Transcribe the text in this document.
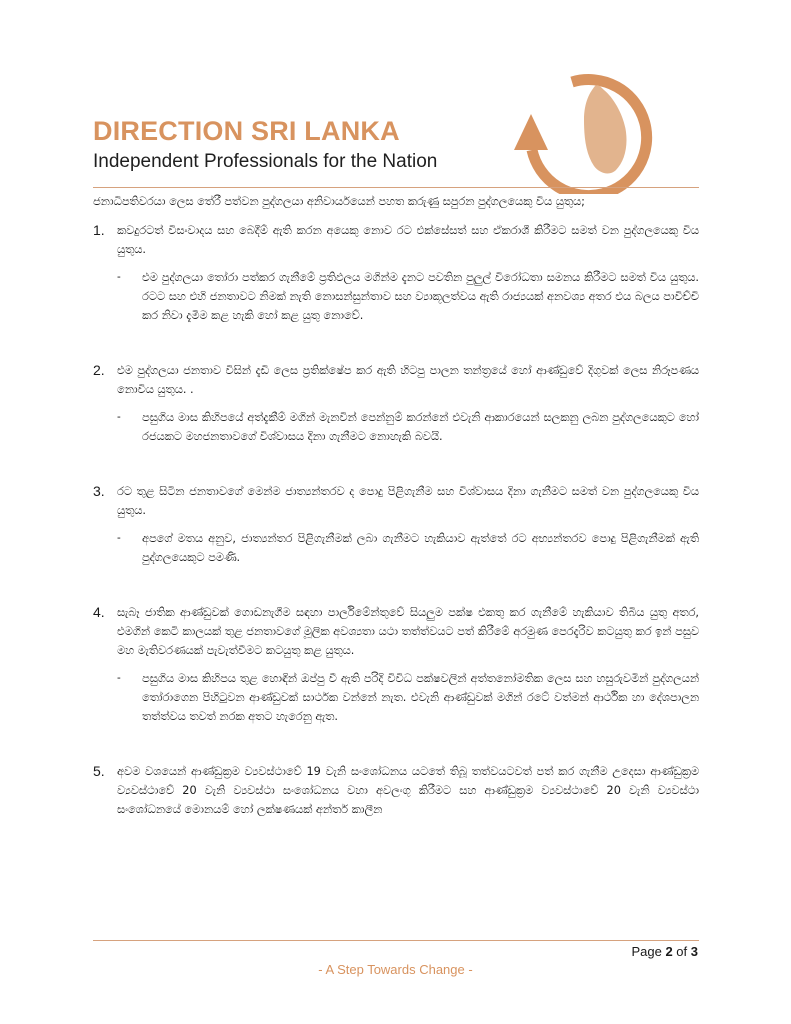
DIRECTION SRI LANKA

Independent Professionals for the Nation

ජනාධිපතිවරයා ලෙස තේරී පත්වන පුද්ගලයා අනිවාර්යයෙන් පහත කරුණු සපුරන පුද්ගලයෙකු විය යුතුය;

1.	කවදුරටත් විසංවාදය සහ බෙදීම් ඇති කරන අයෙකු නොව රට එක්සේසත් සහ ඒකරාශී කිරීමට සමත් වන පුද්ගලයෙකු විය යුතුය.

-	එම පුද්ගලයා තෝරා පත්කර ගැනීමේ ප්‍රතිඵලය මගින්ම දැනට පවතින පුලුල් විරෝධතා සමනය කිරීමට සමත් විය යුතුය. රටට සහ එහි ජනතාවට නිමක් නැති නොසන්සුන්තාව සහ ව්‍යාකූලත්වය ඇති රාජ්‍යයක් අනවශ්‍ය අතර එය බලය පාවිච්චි කර නිවා දැමීම කළ හැකි හෝ කළ යුතු නොවේ.

2.	එම පුද්ගලයා ජනතාව විසින් දැඩි ලෙස ප්‍රතික්ෂේප කර ඇති හිටපු පාලන තන්ත්‍රයේ හෝ ආණ්ඩුවේ දිගුවක් ලෙස නිරූපණය නොවිය යුතුය. .

-	පසුගිය මාස කිහිපයේ අත්දැකීම් මගින් මැනවින් පෙන්නුම් කරන්නේ එවැනි ආකාරයෙන් සලකනු ලබන පුද්ගලයෙකුට හෝ රජයකට මහජනතාවගේ විශ්වාසය දිනා ගැනීමට නොහැකි බවයි.

3.	රට තුළ සිටින ජනතාවගේ මෙන්ම ජාත්‍යන්තරව ද පොදු පිළිගැනීම සහ විශ්වාසය දිනා ගැනීමට සමත් වන පුද්ගලයෙකු විය යුතුය.

-	අපගේ මතය අනුව, ජාත්‍යන්තර පිළිගැනීමක් ලබා ගැනීමට හැකියාව ඇත්තේ රට අභ්‍යන්තරව පොදු පිළිගැනීමක් ඇති පුද්ගලයෙකුට පමණි.

4.	සැබෑ ජාතික ආණ්ඩුවක් ගොඩනැගීම සඳහා පාර්ලිමේන්තුවේ සියලුම පක්ෂ එකතු කර ගැනීමේ හැකියාව තිබිය යුතු අතර, එමගින් කෙටි කාලයක් තුළ ජනතාවගේ මූලික අවශ්‍යතා යථා තත්ත්වයට පත් කිරීමේ අරමුණ පෙරදැරිව කටයුතු කර ඉන් පසුව මහ මැතිවරණයක් පැවැත්වීමට කටයුතු කළ යුතුය.

-	පසුගිය මාස කිහිපය තුළ හොඳින් ඔප්පු වී ඇති පරිදි විවිධ පක්ෂවලින් අත්තනෝමතික ලෙස සහ හසුරුවමින් පුද්ගලයන් තෝරාගෙන පිහිටුවන ආණ්ඩුවක් සාර්ථක වන්නේ නැත. එවැනි ආණ්ඩුවක් මගින් රටේ වත්මන් ආර්ථික හා දේශපාලන තත්ත්වය තවත් නරක අතට හැරෙනු ඇත.

5.	අවම වශයෙන් ආණ්ඩුක්‍රම ව්‍යවස්ථාවේ 19 වැනි සංශෝධනය යටතේ තිබූ තත්වයටවත් පත් කර ගැනීම උදෙසා ආණ්ඩුක්‍රම ව්‍යවස්ථාවේ 20 වැනි ව්‍යවස්ථා සංශෝධනය වහා අවලංගු කිරීමට සහ ආණ්ඩුක්‍රම ව්‍යවස්ථාවේ 20 වැනි ව්‍යවස්ථා සංශෝධනයේ මොනයම් හෝ ලක්ෂණයක් අන්තර් කාලීන

Page 2 of 3
- A Step Towards Change -
